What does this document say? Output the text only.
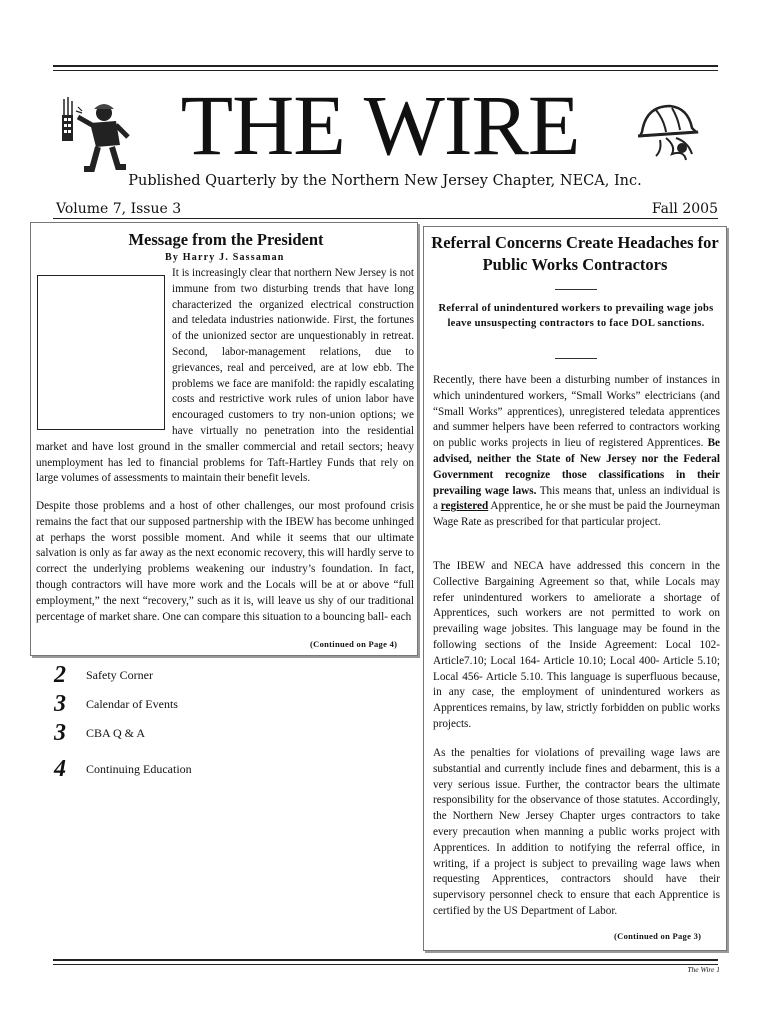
THE WIRE
Published Quarterly by the Northern New Jersey Chapter, NECA, Inc.
Volume 7, Issue 3	Fall 2005
Message from the President
By Harry J. Sassaman
It is increasingly clear that northern New Jersey is not immune from two disturbing trends that have long characterized the organized electrical construction and teledata industries nationwide. First, the fortunes of the unionized sector are unquestionably in retreat. Second, labor-management relations, due to grievances, real and perceived, are at low ebb. The problems we face are manifold: the rapidly escalating costs and restrictive work rules of union labor have encouraged customers to try non-union options; we have virtually no penetration into the residential market and have lost ground in the smaller commercial and retail sectors; heavy unemployment has led to financial problems for Taft-Hartley Funds that rely on large volumes of assessments to maintain their benefit levels.
Despite those problems and a host of other challenges, our most profound crisis remains the fact that our supposed partnership with the IBEW has become unhinged at perhaps the worst possible moment. And while it seems that our ultimate salvation is only as far away as the next economic recovery, this will hardly serve to correct the underlying problems weakening our industry’s foundation. In fact, though contractors will have more work and the Locals will be at or above “full employment,” the next “recovery,” such as it is, will leave us shy of our traditional percentage of market share. One can compare this situation to a bouncing ball- each
(Continued on Page 4)
2	Safety Corner
3	Calendar of Events
3	CBA Q & A
4	Continuing Education
Referral Concerns Create Headaches for Public Works Contractors
Referral of unindentured workers to prevailing wage jobs leave unsuspecting contractors to face DOL sanctions.
Recently, there have been a disturbing number of instances in which unindentured workers, “Small Works” electricians (and “Small Works” apprentices), unregistered teledata apprentices and summer helpers have been referred to contractors working on public works projects in lieu of registered Apprentices. Be advised, neither the State of New Jersey nor the Federal Government recognize those classifications in their prevailing wage laws. This means that, unless an individual is a registered Apprentice, he or she must be paid the Journeyman Wage Rate as prescribed for that particular project.
The IBEW and NECA have addressed this concern in the Collective Bargaining Agreement so that, while Locals may refer unindentured workers to ameliorate a shortage of Apprentices, such workers are not permitted to work on prevailing wage jobsites. This language may be found in the following sections of the Inside Agreement: Local 102- Article7.10; Local 164- Article 10.10; Local 400- Article 5.10; Local 456- Article 5.10. This language is superfluous because, in any case, the employment of unindentured workers as Apprentices remains, by law, strictly forbidden on public works projects.
As the penalties for violations of prevailing wage laws are substantial and currently include fines and debarment, this is a very serious issue. Further, the contractor bears the ultimate responsibility for the observance of those statutes. Accordingly, the Northern New Jersey Chapter urges contractors to take every precaution when manning a public works project with Apprentices. In addition to notifying the referral office, in writing, if a project is subject to prevailing wage laws when requesting Apprentices, contractors should have their supervisory personnel check to ensure that each Apprentice is certified by the US Department of Labor.
(Continued on Page 3)
The Wire 1
